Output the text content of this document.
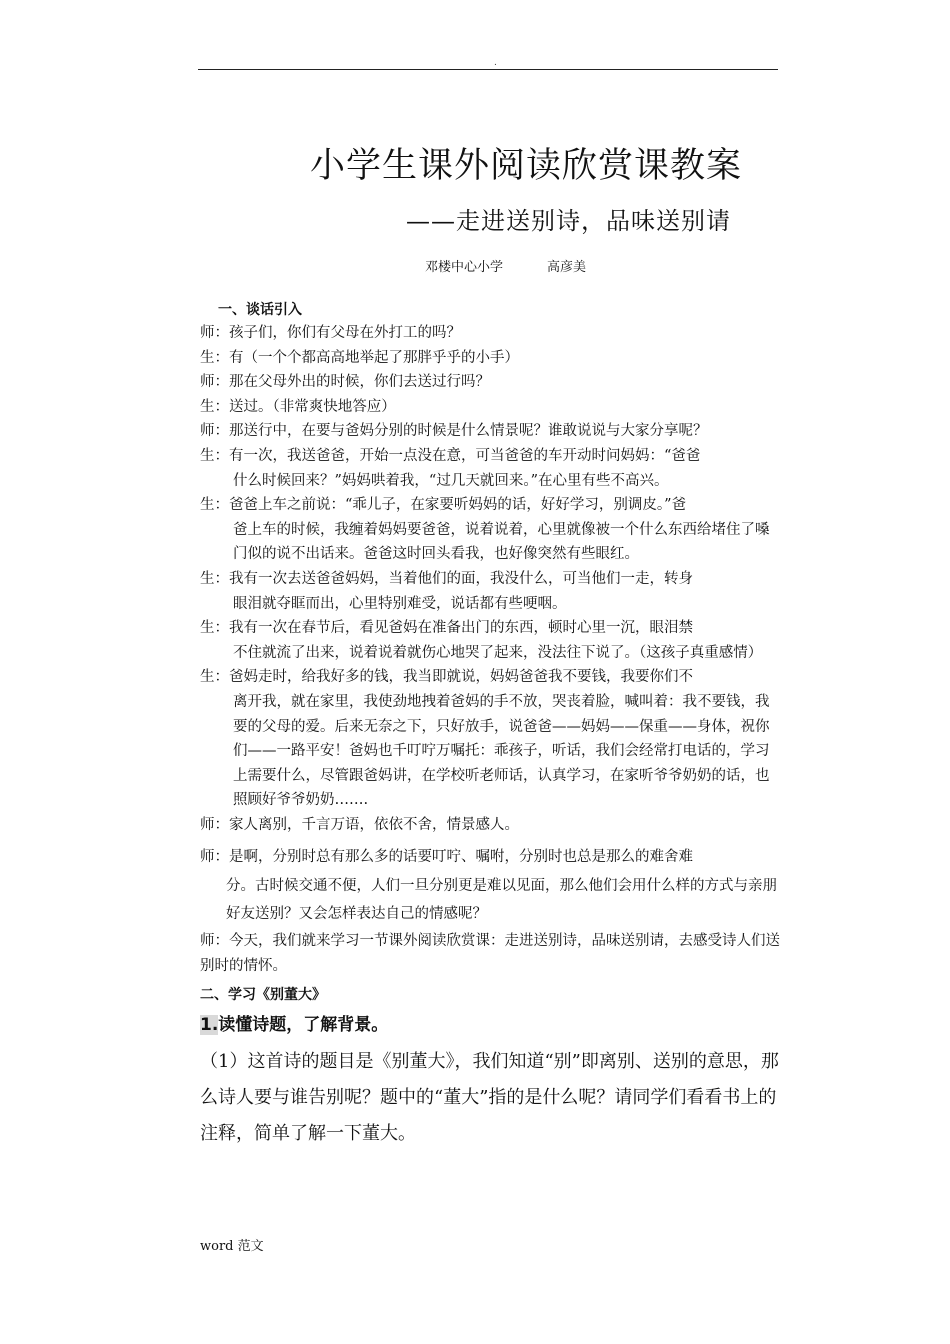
.
小学生课外阅读欣赏课教案
——走进送别诗，品味送别请
邓楼中心小学	高彦美

一、谈话引入

师：孩子们，你们有父母在外打工的吗？

生：有（一个个都高高地举起了那胖乎乎的小手）

师：那在父母外出的时候，你们去送过行吗？

生：送过。（非常爽快地答应）

师：那送行中，在要与爸妈分别的时候是什么情景呢？谁敢说说与大家分享呢？

生：有一次，我送爸爸，开始一点没在意，可当爸爸的车开动时问妈妈：“爸爸
什么时候回来？”妈妈哄着我，“过几天就回来。”在心里有些不高兴。

生：爸爸上车之前说：“乖儿子，在家要听妈妈的话，好好学习，别调皮。”爸
爸上车的时候，我缠着妈妈要爸爸，说着说着，心里就像被一个什么东西给堵住了嗓门似的说不出话来。爸爸这时回头看我，也好像突然有些眼红。

生：我有一次去送爸爸妈妈，当着他们的面，我没什么，可当他们一走，转身
眼泪就夺眶而出，心里特别难受，说话都有些哽咽。

生：我有一次在春节后，看见爸妈在准备出门的东西，顿时心里一沉，眼泪禁
不住就流了出来，说着说着就伤心地哭了起来，没法往下说了。（这孩子真重感情）

生：爸妈走时，给我好多的钱，我当即就说，妈妈爸爸我不要钱，我要你们不
离开我，就在家里，我使劲地拽着爸妈的手不放，哭丧着脸，喊叫着：我不要钱，我要的父母的爱。后来无奈之下，只好放手，说爸爸——妈妈——保重——身体，祝你们——一路平安！爸妈也千叮咛万嘱托：乖孩子，听话，我们会经常打电话的，学习上需要什么，尽管跟爸妈讲，在学校听老师话，认真学习，在家听爷爷奶奶的话，也照顾好爷爷奶奶…….

师：家人离别，千言万语，依依不舍，情景感人。

师：是啊，分别时总有那么多的话要叮咛、嘱咐，分别时也总是那么的难舍难
分。古时候交通不便，人们一旦分别更是难以见面，那么他们会用什么样的方式与亲朋好友送别？又会怎样表达自己的情感呢？

师：今天，我们就来学习一节课外阅读欣赏课：走进送别诗，品味送别请，去感受诗人们送别时的情怀。

二、学习《别董大》

1.读懂诗题，了解背景。

（1）这首诗的题目是《别董大》，我们知道“别”即离别、送别的意思，那么诗人要与谁告别呢？题中的“董大”指的是什么呢？请同学们看看书上的注释，简单了解一下董大。

word 范文
